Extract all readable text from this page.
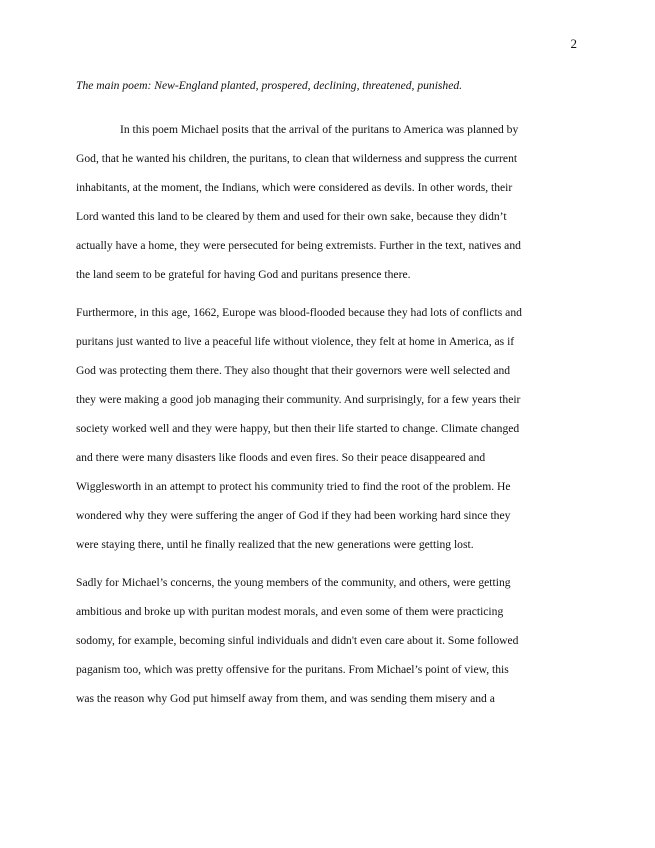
2

The main poem: New-England planted, prospered, declining, threatened, punished.

In this poem Michael posits that the arrival of the puritans to America was planned by
God, that he wanted his children, the puritans, to clean that wilderness and suppress the current
inhabitants, at the moment, the Indians, which were considered as devils. In other words, their
Lord wanted this land to be cleared by them and used for their own sake, because they didn’t
actually have a home, they were persecuted for being extremists. Further in the text, natives and
the land seem to be grateful for having God and puritans presence there.
Furthermore, in this age, 1662, Europe was blood-flooded because they had lots of conflicts and
puritans just wanted to live a peaceful life without violence, they felt at home in America, as if
God was protecting them there. They also thought that their governors were well selected and
they were making a good job managing their community. And surprisingly, for a few years their
society worked well and they were happy, but then their life started to change. Climate changed
and there were many disasters like floods and even fires. So their peace disappeared and
Wigglesworth in an attempt to protect his community tried to find the root of the problem. He
wondered why they were suffering the anger of God if they had been working hard since they
were staying there, until he finally realized that the new generations were getting lost.
Sadly for Michael’s concerns, the young members of the community, and others, were getting
ambitious and broke up with puritan modest morals, and even some of them were practicing
sodomy, for example, becoming sinful individuals and didn't even care about it. Some followed
paganism too, which was pretty offensive for the puritans. From Michael’s point of view, this
was the reason why God put himself away from them, and was sending them misery and a
